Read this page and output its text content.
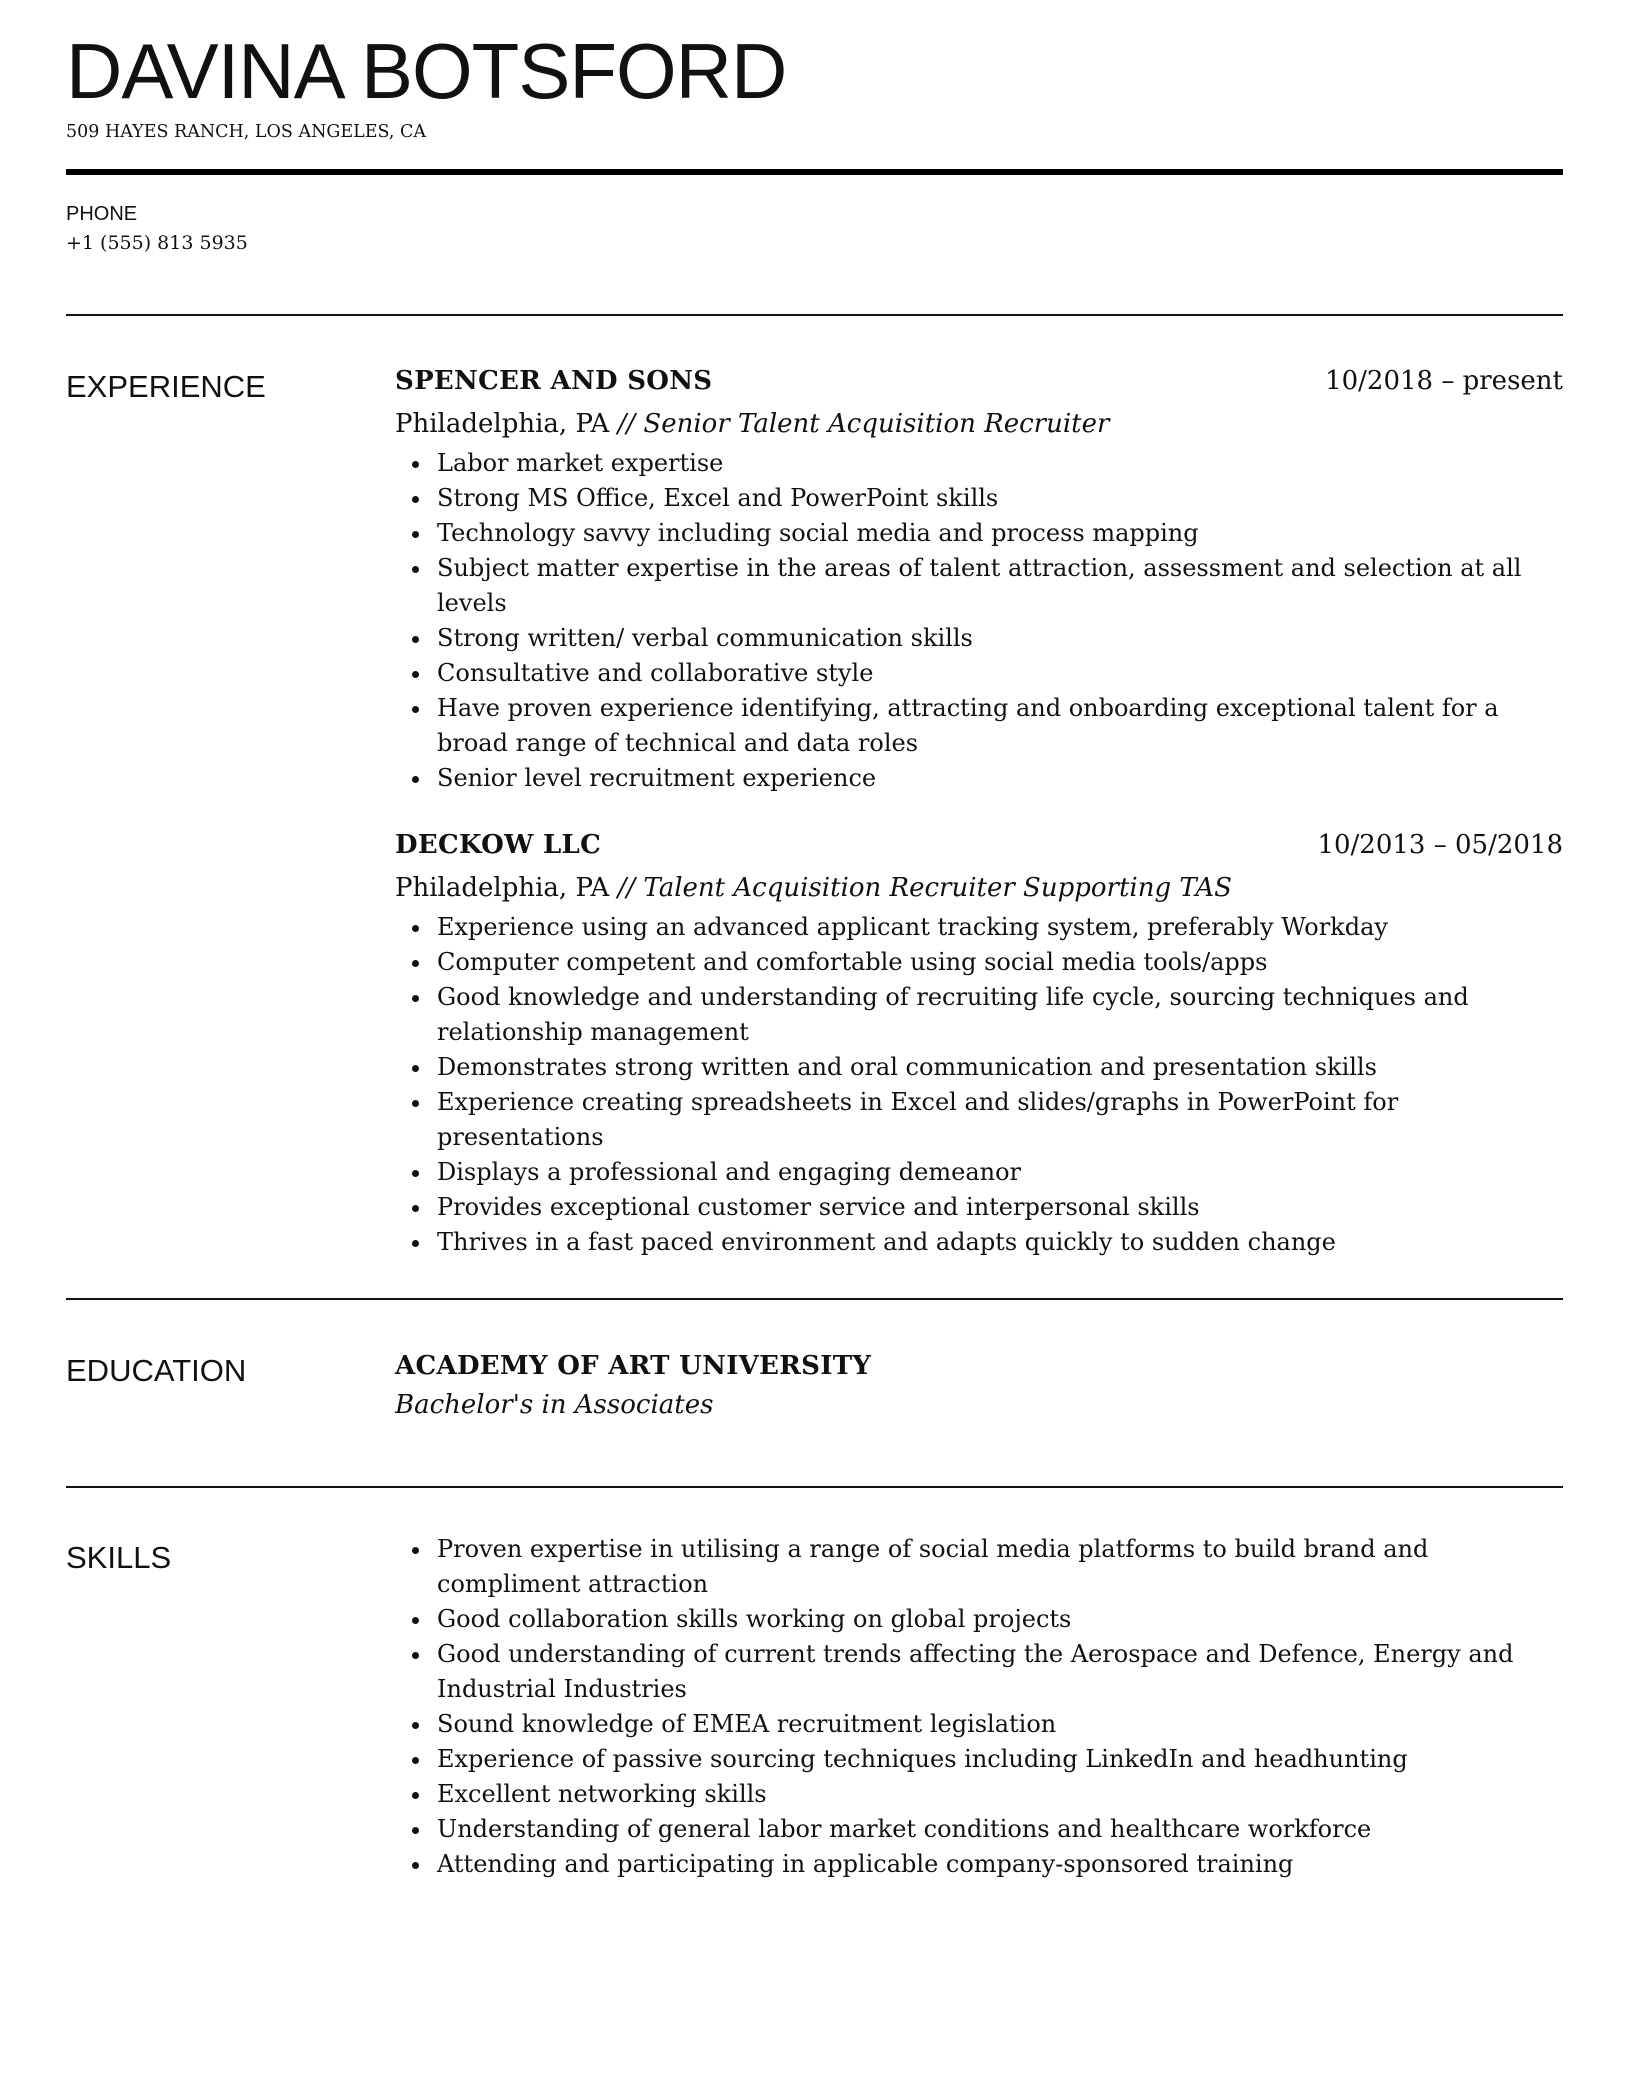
DAVINA BOTSFORD
509 HAYES RANCH, LOS ANGELES, CA
PHONE
+1 (555) 813 5935
EXPERIENCE	SPENCER AND SONS	10/2018 – present
Philadelphia, PA // Senior Talent Acquisition Recruiter
Labor market expertise
Strong MS Office, Excel and PowerPoint skills
Technology savvy including social media and process mapping
Subject matter expertise in the areas of talent attraction, assessment and selection at all levels
Strong written/ verbal communication skills
Consultative and collaborative style
Have proven experience identifying, attracting and onboarding exceptional talent for a broad range of technical and data roles
Senior level recruitment experience
DECKOW LLC	10/2013 – 05/2018
Philadelphia, PA // Talent Acquisition Recruiter Supporting TAS
Experience using an advanced applicant tracking system, preferably Workday
Computer competent and comfortable using social media tools/apps
Good knowledge and understanding of recruiting life cycle, sourcing techniques and relationship management
Demonstrates strong written and oral communication and presentation skills
Experience creating spreadsheets in Excel and slides/graphs in PowerPoint for presentations
Displays a professional and engaging demeanor
Provides exceptional customer service and interpersonal skills
Thrives in a fast paced environment and adapts quickly to sudden change
EDUCATION	ACADEMY OF ART UNIVERSITY
Bachelor's in Associates
SKILLS	Proven expertise in utilising a range of social media platforms to build brand and compliment attraction
Good collaboration skills working on global projects
Good understanding of current trends affecting the Aerospace and Defence, Energy and Industrial Industries
Sound knowledge of EMEA recruitment legislation
Experience of passive sourcing techniques including LinkedIn and headhunting
Excellent networking skills
Understanding of general labor market conditions and healthcare workforce
Attending and participating in applicable company-sponsored training
